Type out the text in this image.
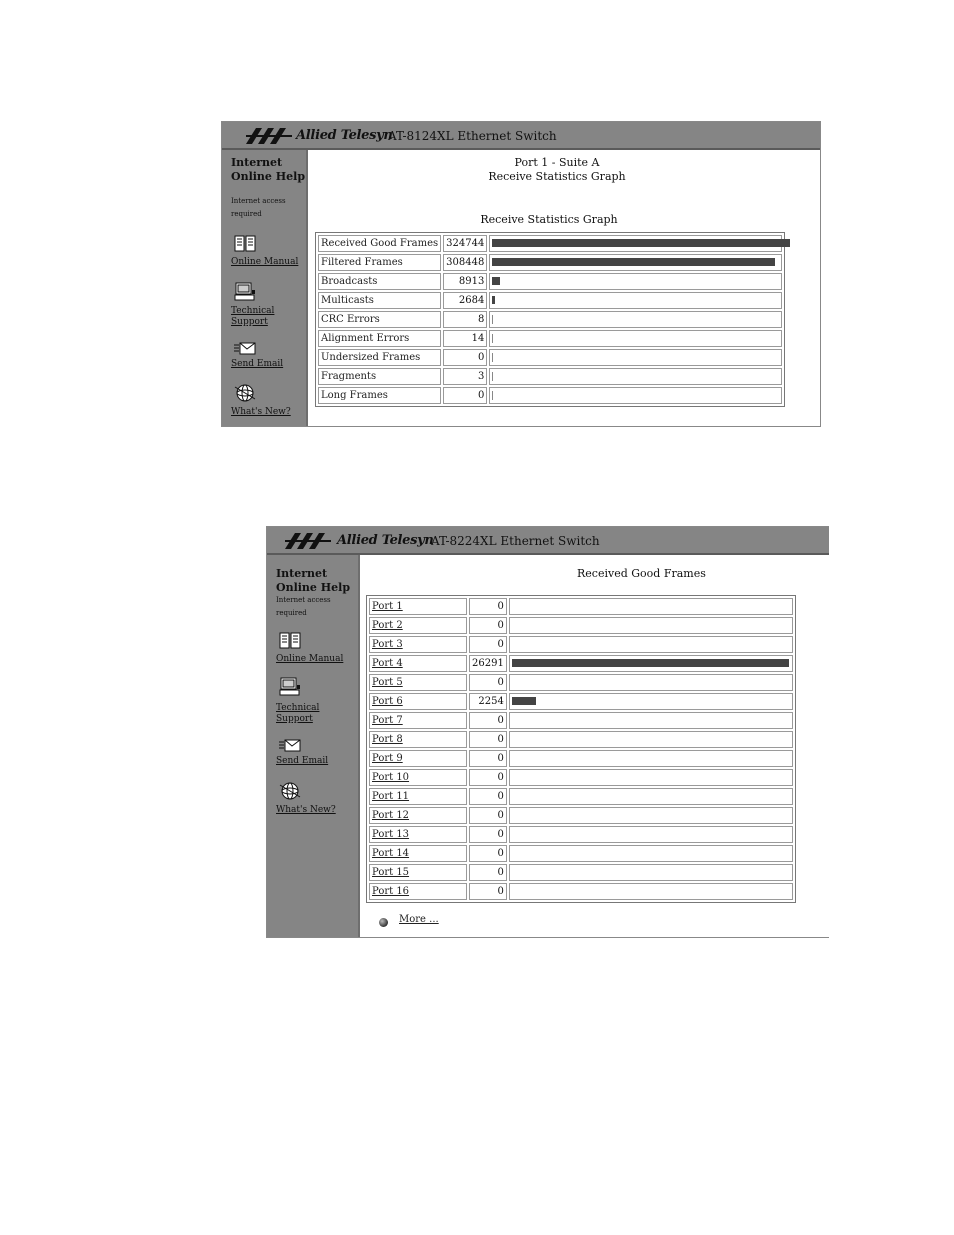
Allied Telesyn
AT-8124XL Ethernet Switch
Internet
Online Help
Internet access
required
Online Manual
Technical
Support
Send Email
What's New?
Port 1 - Suite A
Receive Statistics Graph
Receive Statistics Graph
Received Good Frames	324744	

Filtered Frames	308448	

Broadcasts	8913	

Multicasts	2684	

CRC Errors	8	

Alignment Errors	14	

Undersized Frames	0	

Fragments	3	

Long Frames	0	
Allied Telesyn
AT-8224XL Ethernet Switch
Internet
Online Help
Internet access
required
Online Manual
Technical
Support
Send Email
What's New?
Received Good Frames
Port 1	0	
Port 2	0	
Port 3	0	
Port 4	26291	

Port 5	0	
Port 6	2254	

Port 7	0	
Port 8	0	
Port 9	0	
Port 10	0	
Port 11	0	
Port 12	0	
Port 13	0	
Port 14	0	
Port 15	0	
Port 16	0	
More ...
